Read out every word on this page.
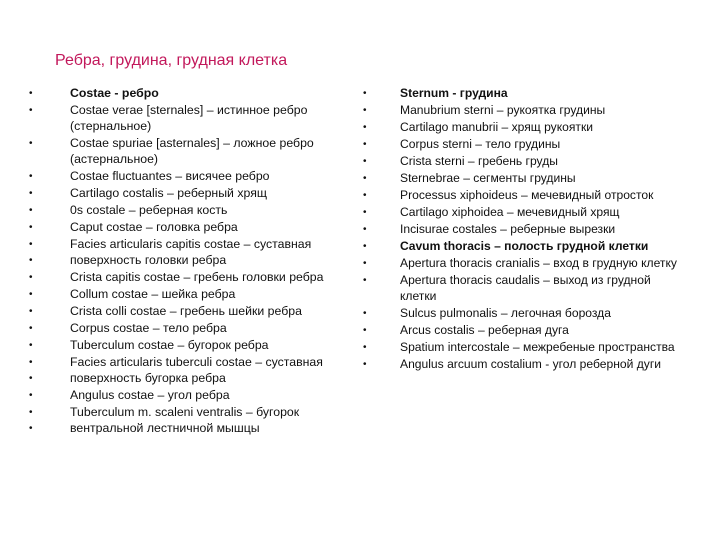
Ребра, грудина, грудная клетка
•	Costae - ребро
•	Costae verae [sternales] – истинное ребро (стернальное)
•	Costae spuriae [asternales] – ложное ребро (астернальное)
•	Costae fluctuantes – висячее ребро
•	Cartilago costalis – реберный хрящ
•	0s costale – реберная кость
•	Caput costae – головка ребра
•
•
Facies articularis capitis costae – суставная поверхность головки ребра
•	Crista capitis costae – гребень головки ребра
•	Collum costae – шейка ребра
•	Crista colli costae – гребень шейки ребра
•	Corpus costae – тело ребра
•	Tuberculum costae – бугорок ребра
•
•
Facies articularis tuberculi costae – суставная поверхность бугорка ребра
•	Angulus costae – угол ребра
•
•
Tuberculum m. scaleni ventralis – бугорок вентральной лестничной мышцы
•	Sternum - грудина
•	Manubrium sterni – рукоятка грудины
•	Cartilago manubrii – хрящ рукоятки
•	Corpus sterni – тело грудины
•	Crista sterni – гребень груды
•	Sternebrae – сегменты грудины
•	Processus xiphoideus – мечевидный отросток
•	Cartilago xiphoidea – мечевидный хрящ
•	Incisurae costales – реберные вырезки
•	Cavum thoracis – полость грудной клетки
•	Apertura thoracis cranialis – вход в грудную клетку
•	Apertura thoracis caudalis – выход из грудной клетки
•	Sulcus pulmonalis – легочная борозда
•	Arcus costalis – реберная дуга
•	Spatium intercostale – межребеные пространства
•	Angulus arcuum costalium - угол реберной дуги
